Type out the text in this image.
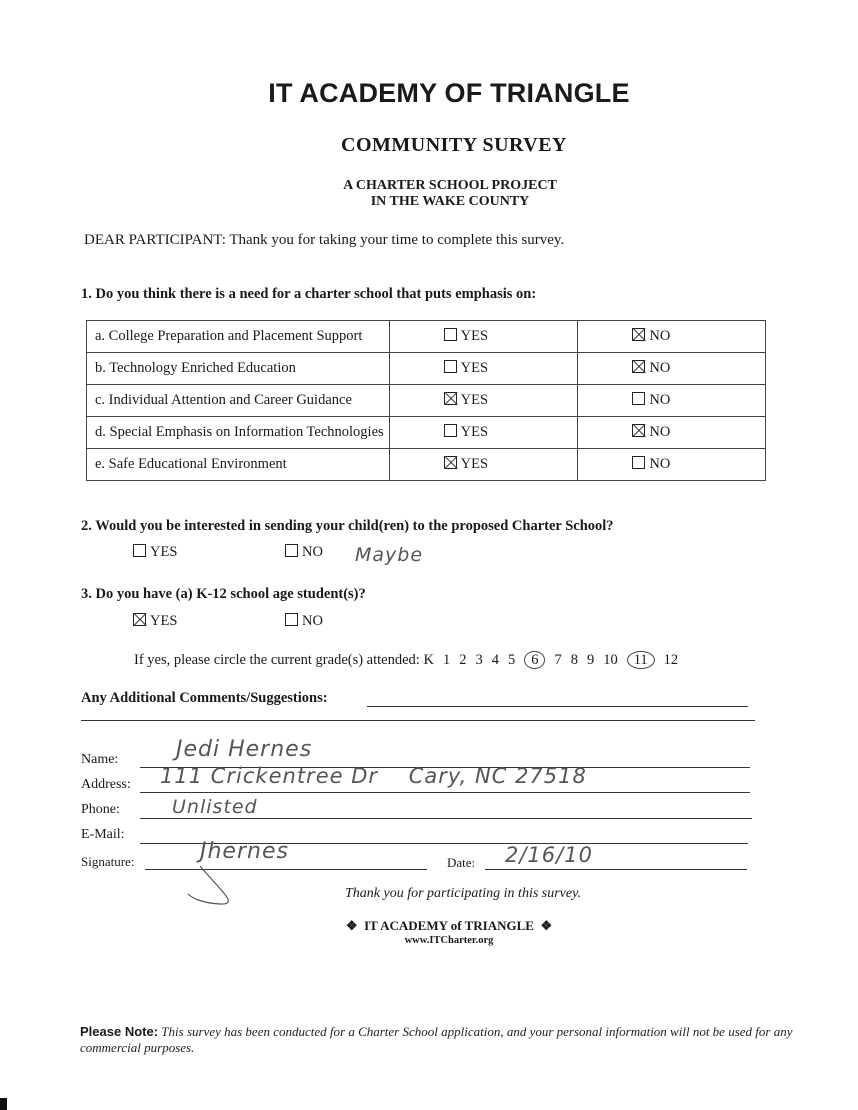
IT ACADEMY OF TRIANGLE
COMMUNITY SURVEY
A CHARTER SCHOOL PROJECT
IN THE WAKE COUNTY
DEAR PARTICIPANT: Thank you for taking your time to complete this survey.
1. Do you think there is a need for a charter school that puts emphasis on:
a. College Preparation and Placement Support	YES	NO
b. Technology Enriched Education	YES	NO
c. Individual Attention and Career Guidance	YES	NO
d. Special Emphasis on Information Technologies	YES	NO
e. Safe Educational Environment	YES	NO
2. Would you be interested in sending your child(ren) to the proposed Charter School?
YES	NO Maybe
3. Do you have (a) K-12 school age student(s)?
YES	NO
If yes, please circle the current grade(s) attended: K 1 2 3 4 5 6 7 8 9 10 11 12
Any Additional Comments/Suggestions:
Name:	Jedi Hernes
Address: 111 Crickentree Dr    Cary, NC 27518
Phone:	Unlisted
E-Mail:
Signature:	Jhernes	Date: 2/16/10
Thank you for participating in this survey.
❖ IT ACADEMY of TRIANGLE ❖
www.ITCharter.org
Please Note: This survey has been conducted for a Charter School application, and your personal information will not be used for any commercial purposes.
